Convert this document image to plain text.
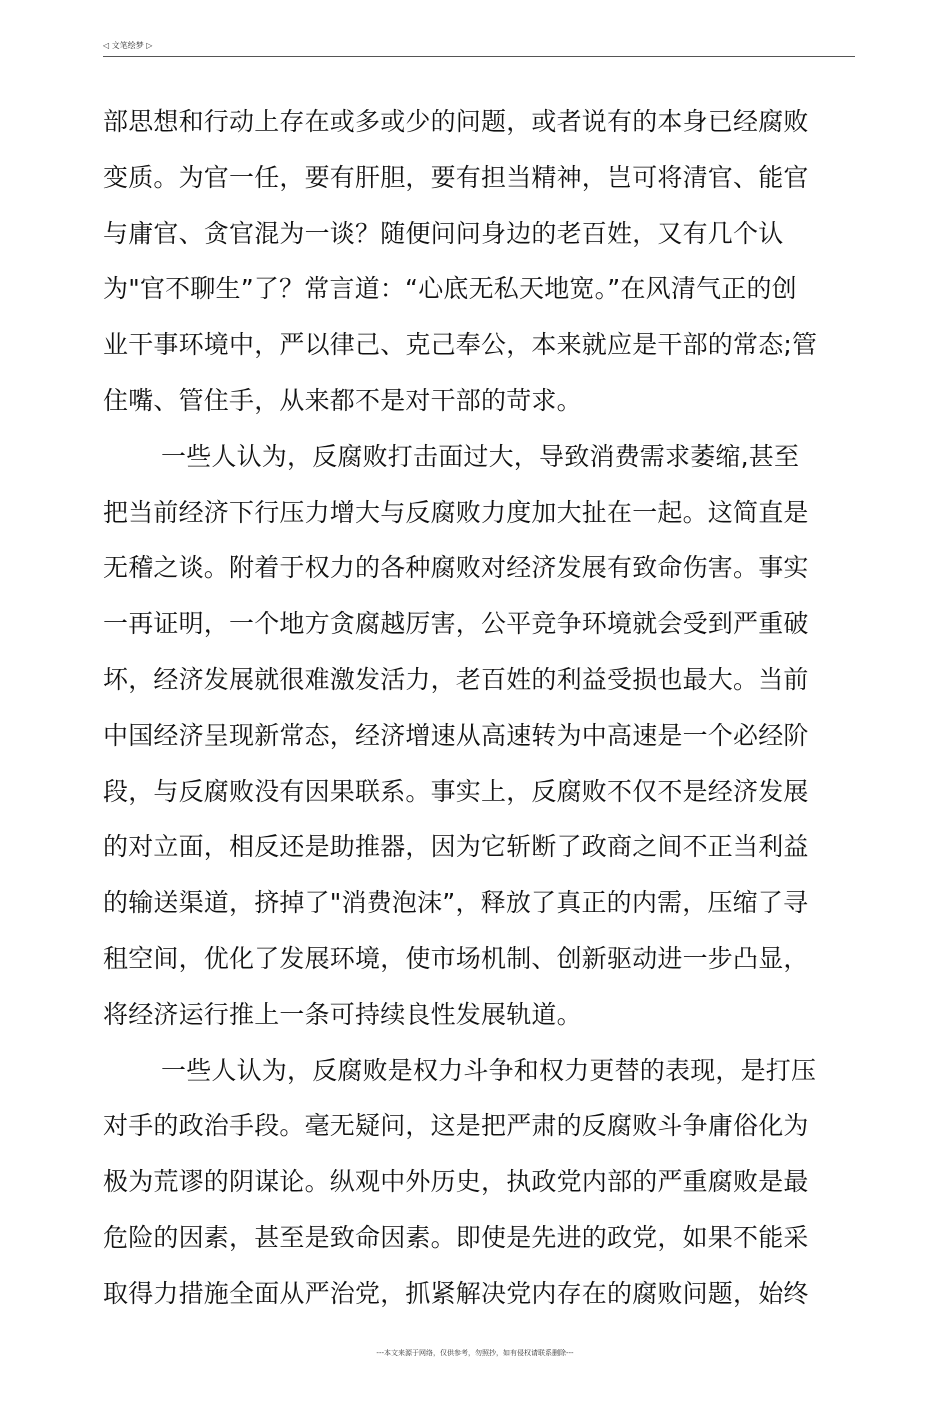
◁ 文笔绘梦 ▷
部思想和行动上存在或多或少的问题，或者说有的本身已经腐败
变质。为官一任，要有肝胆，要有担当精神，岂可将清官、能官
与庸官、贪官混为一谈？随便问问身边的老百姓，又有几个认
为"官不聊生”了？常言道：“心底无私天地宽。”在风清气正的创
业干事环境中，严以律己、克己奉公，本来就应是干部的常态;管
住嘴、管住手，从来都不是对干部的苛求。
一些人认为，反腐败打击面过大，导致消费需求萎缩,甚至
把当前经济下行压力增大与反腐败力度加大扯在一起。这简直是
无稽之谈。附着于权力的各种腐败对经济发展有致命伤害。事实
一再证明，一个地方贪腐越厉害，公平竞争环境就会受到严重破
坏，经济发展就很难激发活力，老百姓的利益受损也最大。当前
中国经济呈现新常态，经济增速从高速转为中高速是一个必经阶
段，与反腐败没有因果联系。事实上，反腐败不仅不是经济发展
的对立面，相反还是助推器，因为它斩断了政商之间不正当利益
的输送渠道，挤掉了"消费泡沫”，释放了真正的内需，压缩了寻
租空间，优化了发展环境，使市场机制、创新驱动进一步凸显，
将经济运行推上一条可持续良性发展轨道。
一些人认为，反腐败是权力斗争和权力更替的表现，是打压
对手的政治手段。毫无疑问，这是把严肃的反腐败斗争庸俗化为
极为荒谬的阴谋论。纵观中外历史，执政党内部的严重腐败是最
危险的因素，甚至是致命因素。即使是先进的政党，如果不能采
取得力措施全面从严治党，抓紧解决党内存在的腐败问题，始终
---本文来源于网络，仅供参考，勿照抄，如有侵权请联系删除---
